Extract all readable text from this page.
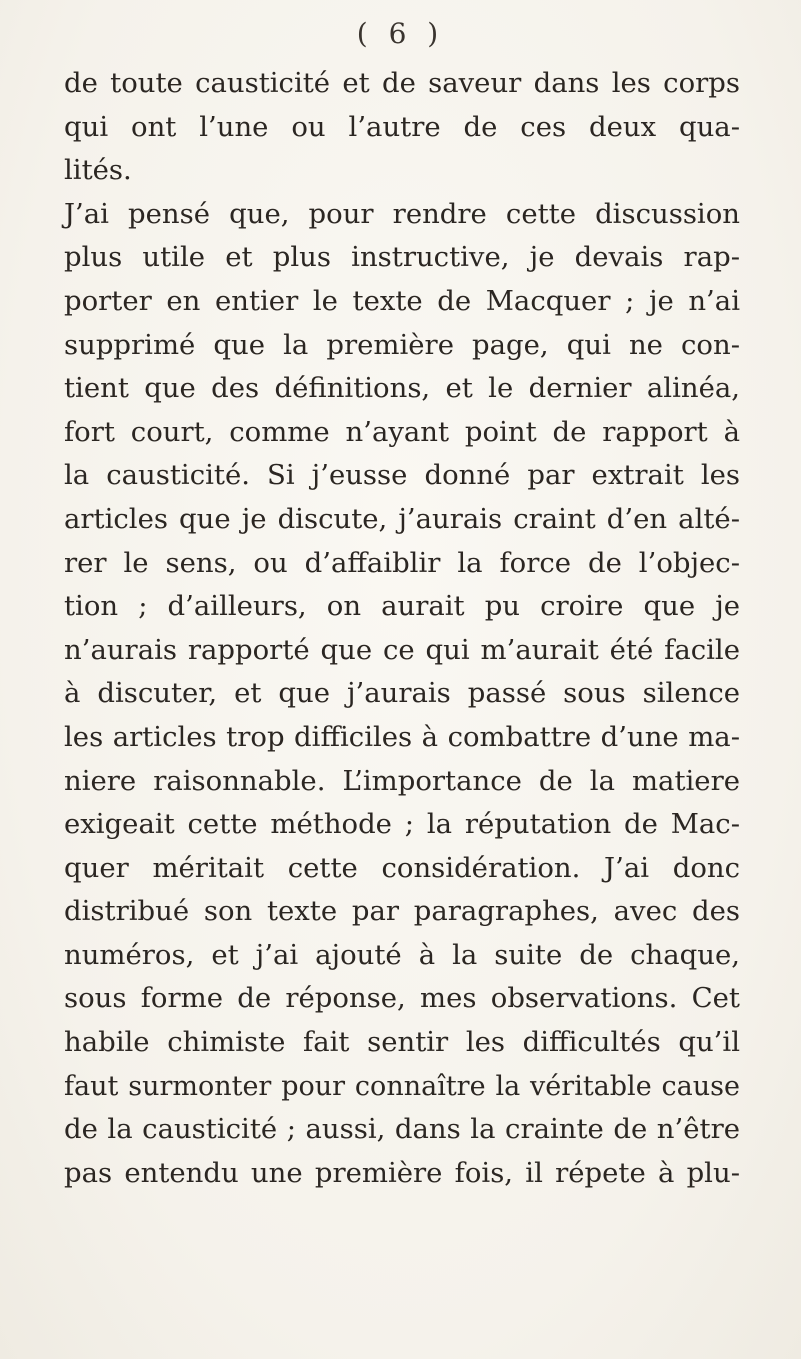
( 6 )
de toute causticité et de saveur dans les corps
qui ont l’une ou l’autre de ces deux qua-
lités.
J’ai pensé que, pour rendre cette discussion
plus utile et plus instructive, je devais rap-
porter en entier le texte de Macquer ; je n’ai
supprimé que la première page, qui ne con-
tient que des définitions, et le dernier alinéa,
fort court, comme n’ayant point de rapport à
la causticité. Si j’eusse donné par extrait les
articles que je discute, j’aurais craint d’en alté-
rer le sens, ou d’affaiblir la force de l’objec-
tion ; d’ailleurs, on aurait pu croire que je
n’aurais rapporté que ce qui m’aurait été facile
à discuter, et que j’aurais passé sous silence
les articles trop difficiles à combattre d’une ma-
niere raisonnable. L’importance de la matiere
exigeait cette méthode ; la réputation de Mac-
quer méritait cette considération. J’ai donc
distribué son texte par paragraphes, avec des
numéros, et j’ai ajouté à la suite de chaque,
sous forme de réponse, mes observations. Cet
habile chimiste fait sentir les difficultés qu’il
faut surmonter pour connaître la véritable cause
de la causticité ; aussi, dans la crainte de n’être
pas entendu une première fois, il répete à plu-
